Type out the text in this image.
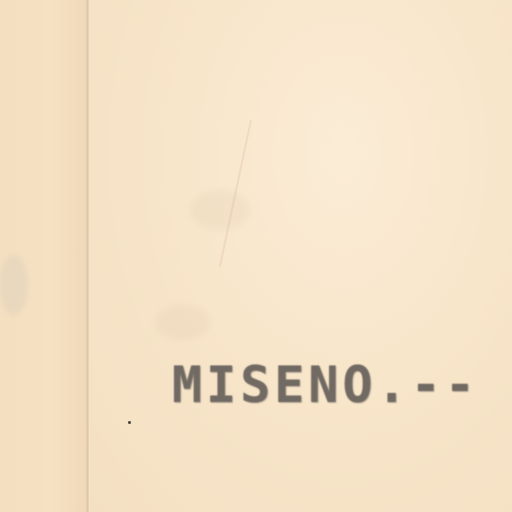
MISENO.--
